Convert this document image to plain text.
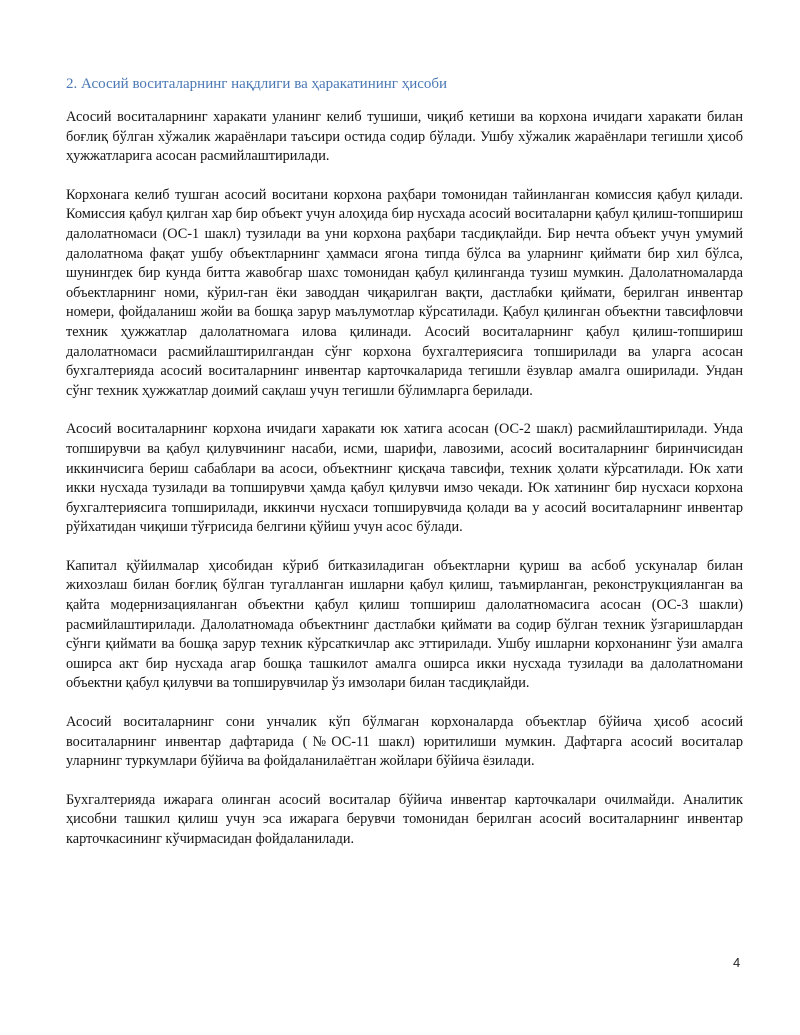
2. Асосий воситаларнинг нақдлиги ва ҳаракатининг ҳисоби

Асосий воситаларнинг харакати уланинг келиб тушиши, чиқиб кетиши ва корхона ичидаги харакати билан боғлиқ бўлган хўжалик жараёнлари таъсири остида содир бўлади. Ушбу хўжалик жараёнлари тегишли ҳисоб ҳужжатларига асосан расмийлаштирилади.

Корхонага келиб тушган асосий воситани корхона раҳбари томонидан тайинланган комиссия қабул қилади. Комиссия қабул қилган хар бир объект учун алоҳида бир нусхада асосий воситаларни қабул қилиш-топшириш далолатномаси (ОС-1 шакл) тузилади ва уни корхона раҳбари тасдиқлайди. Бир нечта объект учун умумий далолатнома фақат ушбу объектларнинг ҳаммаси ягона типда бўлса ва уларнинг қиймати бир хил бўлса, шунингдек бир кунда битта жавобгар шахс томонидан қабул қилинганда тузиш мумкин. Далолатномаларда объектларнинг номи, кўрил-ган ёки заводдан чиқарилган вақти, дастлабки қиймати, берилган инвентар номери, фойдаланиш жойи ва бошқа зарур маълумотлар кўрсатилади. Қабул қилинган объектни тавсифловчи техник ҳужжатлар далолатномага илова қилинади. Асосий воситаларнинг қабул қилиш-топшириш далолатномаси расмийлаштирилгандан сўнг корхона бухгалтериясига топширилади ва уларга асосан бухгалтерияда асосий воситаларнинг инвентар карточкаларида тегишли ёзувлар амалга оширилади. Ундан сўнг техник ҳужжатлар доимий сақлаш учун тегишли бўлимларга берилади.

Асосий воситаларнинг корхона ичидаги харакати юк хатига асосан (ОС-2 шакл) расмийлаштирилади. Унда топширувчи ва қабул қилувчининг насаби, исми, шарифи, лавозими, асосий воситаларнинг биринчисидан иккинчисига бериш сабаблари ва асоси, объектнинг қисқача тавсифи, техник ҳолати кўрсатилади. Юк хати икки нусхада тузилади ва топширувчи ҳамда қабул қилувчи имзо чекади. Юк хатининг бир нусхаси корхона бухгалтериясига топширилади, иккинчи нусхаси топширувчида қолади ва у асосий воситаларнинг инвентар рўйхатидан чиқиши тўғрисида белгини қўйиш учун асос бўлади.

Капитал қўйилмалар ҳисобидан кўриб битказиладиган объектларни қуриш ва асбоб ускуналар билан жихозлаш билан боғлиқ бўлган тугалланган ишларни қабул қилиш, таъмирланган, реконструкцияланган ва қайта модернизацияланган объектни қабул қилиш топшириш далолатномасига асосан (ОС-3 шакли) расмийлаштирилади. Далолатномада объектнинг дастлабки қиймати ва содир бўлган техник ўзгаришлардан сўнги қиймати ва бошқа зарур техник кўрсаткичлар акс эттирилади. Ушбу ишларни корхонанинг ўзи амалга оширса акт бир нусхада агар бошқа ташкилот амалга оширса икки нусхада тузилади ва далолатномани объектни қабул қилувчи ва топширувчилар ўз имзолари билан тасдиқлайди.

Асосий воситаларнинг сони унчалик кўп бўлмаган корхоналарда объектлар бўйича ҳисоб асосий воситаларнинг инвентар дафтарида (№ОС-11 шакл) юритилиши мумкин. Дафтарга асосий воситалар уларнинг туркумлари бўйича ва фойдаланилаётган жойлари бўйича ёзилади.

Бухгалтерияда ижарага олинган асосий воситалар бўйича инвентар карточкалари очилмайди. Аналитик ҳисобни ташкил қилиш учун эса ижарага берувчи томонидан берилган асосий воситаларнинг инвентар карточкасининг кўчирмасидан фойдаланилади.

4
